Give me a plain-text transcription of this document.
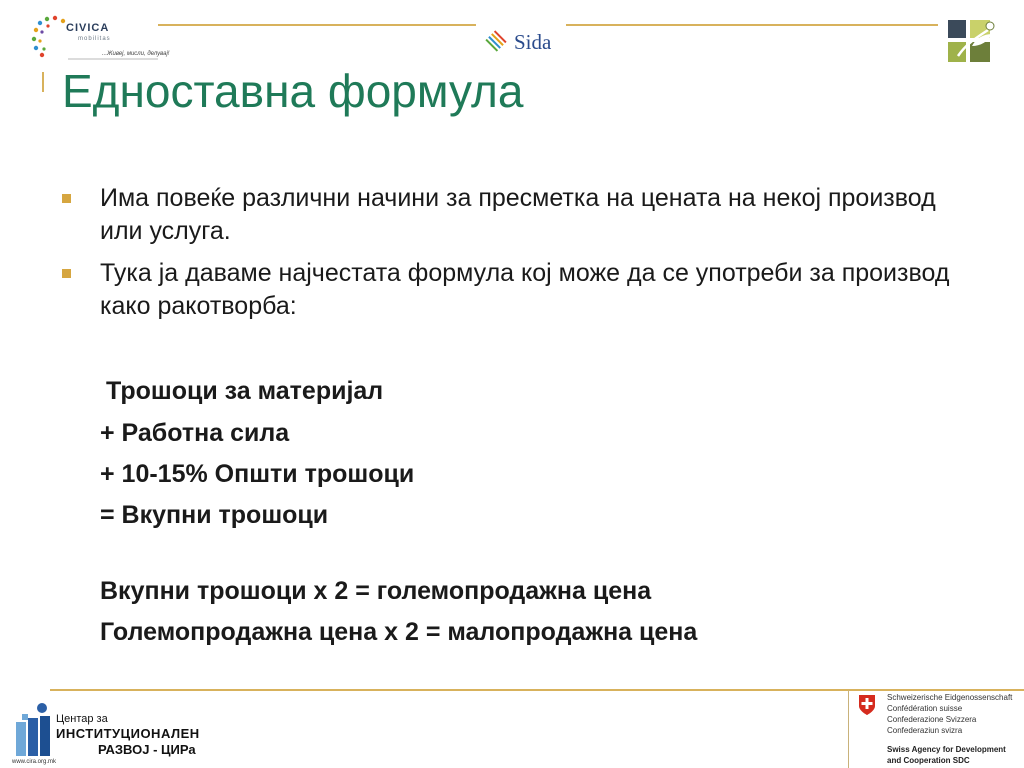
CIVICA
mobilitas
...Живеј, мисли, делувај!	Sida
Едноставна формула
Има повеќе различни начини за пресметка на цената на некој производ или услуга.
Тука ја даваме најчестата формула кој може да се употреби за производ како ракотворба:
Трошоци за материјал
+ Работна сила
+ 10-15% Општи трошоци
= Вкупни трошоци
Вкупни трошоци x 2 = големопродажна цена
Големопродажна цена x 2 = малопродажна цена
Центар за
ИНСТИТУЦИОНАЛЕН
РАЗВОЈ - ЦИРа
www.cira.org.mk
Schweizerische Eidgenossenschaft
Confédération suisse
Confederazione Svizzera
Confederaziun svizra
Swiss Agency for Development
and Cooperation SDC
